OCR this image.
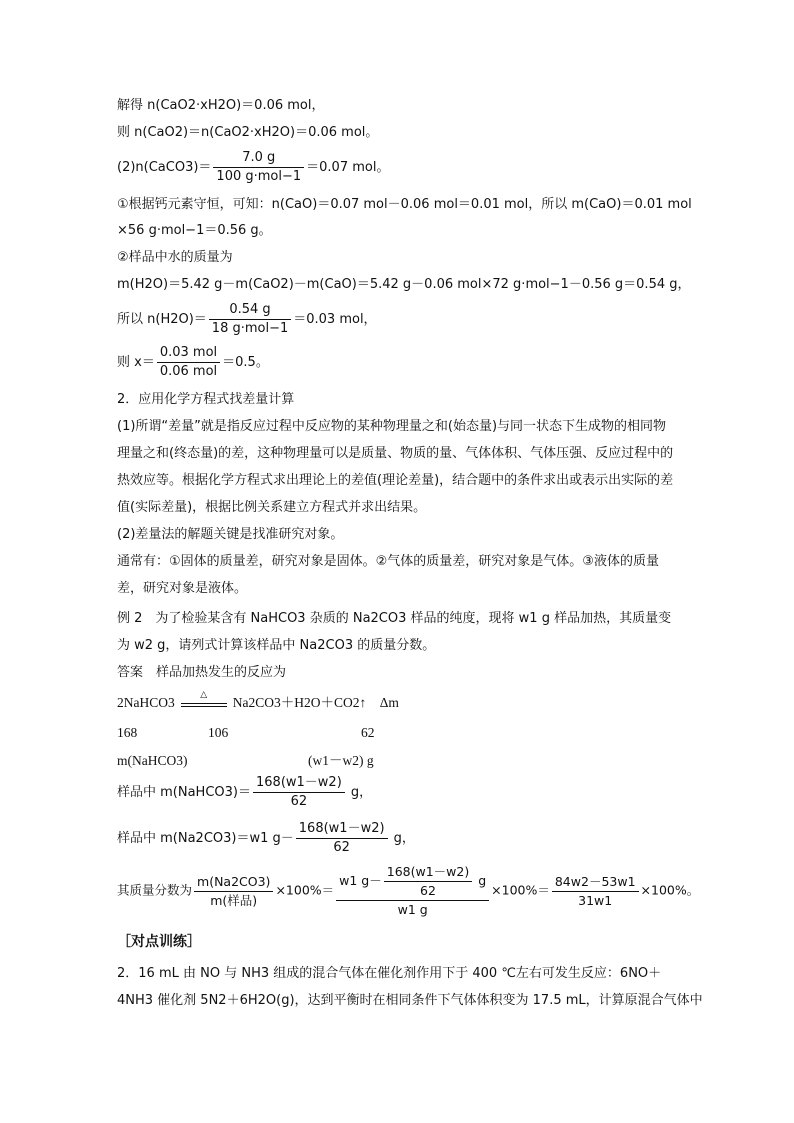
解得 n(CaO2·xH2O)＝0.06 mol，
则 n(CaO2)＝n(CaO2·xH2O)＝0.06 mol。
(2)n(CaCO3)＝ $\frac{7.0 g}{\text{100 g·mol−1}} =0.07$ mol。
①根据钙元素守恒，可知：n(CaO)＝0.07 mol－0.06 mol＝0.01 mol，所以 m(CaO)＝0.01 mol
×56 g·mol−1＝0.56 g。
②样品中水的质量为
m(H2O)＝5.42 g－m(CaO2)－m(CaO)＝5.42 g－0.06 mol×72 g·mol−1－0.56 g＝0.54 g，
所以 $n(H2O)= \frac{0.54 g}{\text{18 g·mol−1}} =0.03$ mol，
则 $x= \frac{\text{0.03 mol}}{\text{0.06 mol}} =0.5$。
2．应用化学方程式找差量计算
(1)所谓“差量”就是指反应过程中反应物的某种物理量之和(始态量)与同一状态下生成物的相同物理量之和(终态量)的差，这种物理量可以是质量、物质的量、气体体积、气体压强、反应过程中的热效应等。根据化学方程式求出理论上的差值(理论差量)，结合题中的条件求出或表示出实际的差值(实际差量)，根据比例关系建立方程式并求出结果。
(2)差量法的解题关键是找准研究对象。
通常有：①固体的质量差，研究对象是固体。②气体的质量差，研究对象是气体。③液体的质量差，研究对象是液体。
例 2　为了检验某含有 NaHCO3 杂质的 Na2CO3 样品的纯度，现将 w1 g 样品加热，其质量变为 w2 g，请列式计算该样品中 Na2CO3 的质量分数。
答案　样品加热发生的反应为
2NaHCO3
△
Na2CO3＋H2O＋CO2↑　Δm
168	106	62
m(NaHCO3)	(w1－w2) g
样品中 m(NaHCO3)＝ $\frac{168(w1-w2)}{62}$ g，
样品中 m(Na2CO3)＝w1 $g- \frac{168(w1-w2)}{62}$ g，
其质量分数为 $\frac{m(Na2CO3)}{\text{m(样品)}} \times 100\%= \frac{w1 g- \frac{168(w1-w2)}{62} g}{w1 g} \times 100\%= \frac{84w2-53w1}{31w1} \times 100\%$。
［对点训练］
2．16 mL 由 NO 与 NH3 组成的混合气体在催化剂作用下于 400 ℃左右可发生反应：6NO＋
4NH3 催化剂 5N2＋6H2O(g)，达到平衡时在相同条件下气体体积变为 17.5 mL，计算原混合气体中
